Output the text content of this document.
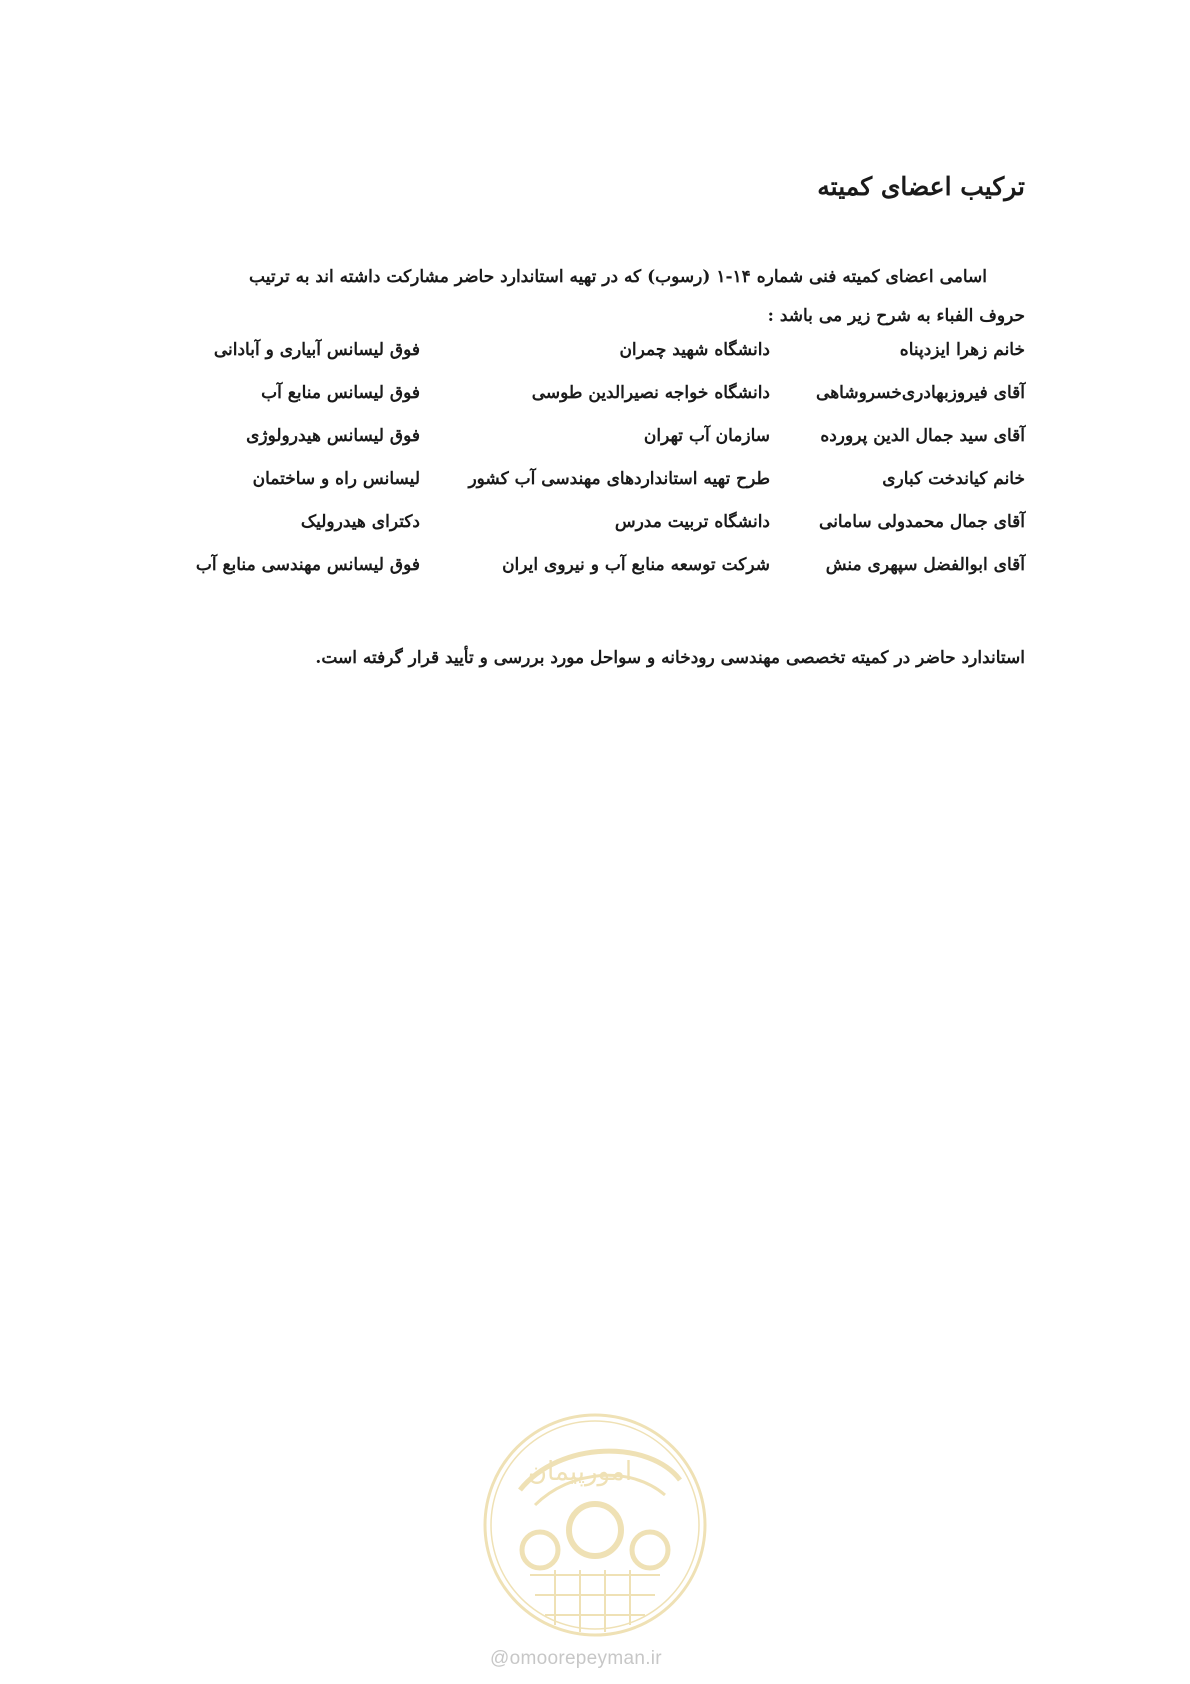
ترکیب اعضای کمیته
اسامی اعضای کمیته فنی شماره ۱۴-۱ (رسوب) که در تهیه استاندارد حاضر مشارکت داشته اند به ترتیب
حروف الفباء به شرح زیر می باشد :
خانم زهرا ایزدپناه
دانشگاه شهید چمران
فوق لیسانس آبیاری و آبادانی
آقای فیروزبهادری‌خسروشاهی
دانشگاه خواجه نصیرالدین طوسی
فوق لیسانس منابع آب
آقای سید جمال الدین پرورده
سازمان آب تهران
فوق لیسانس هیدرولوژی
خانم کیاندخت کباری
طرح تهیه استانداردهای مهندسی آب کشور
لیسانس راه و ساختمان
آقای جمال محمدولی سامانی
دانشگاه تربیت مدرس
دکترای هیدرولیک
آقای ابوالفضل سپهری منش
شرکت توسعه منابع آب و نیروی ایران
فوق لیسانس مهندسی منابع آب
استاندارد حاضر در کمیته تخصصی مهندسی رودخانه و سواحل مورد بررسی و تأیید قرار گرفته است.
امورپیمان
@omoorepeyman.ir
